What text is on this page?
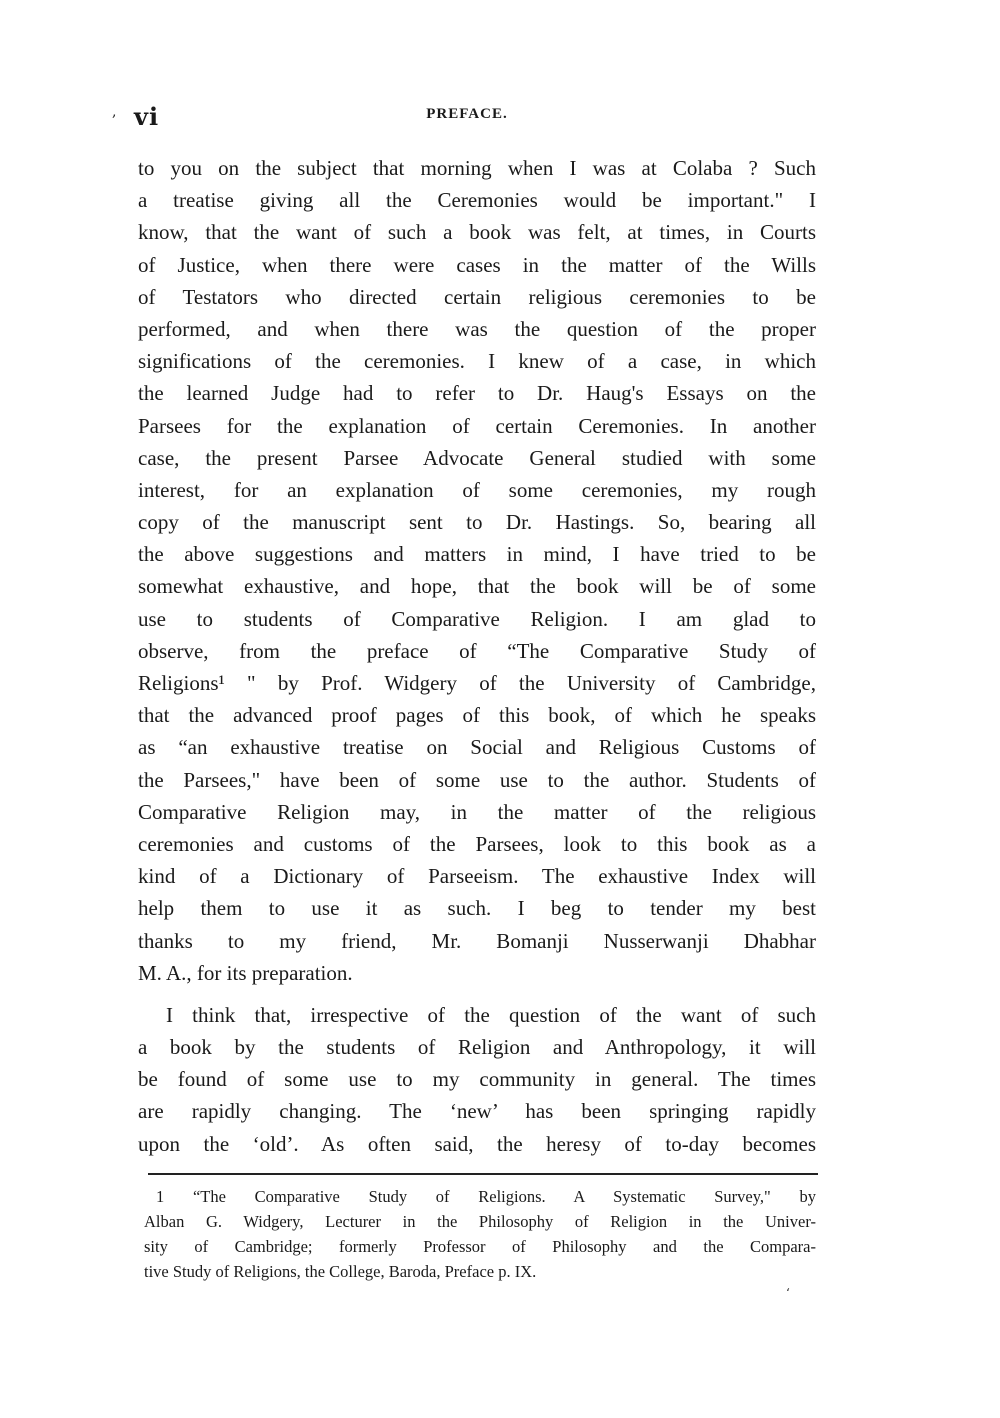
, vi	PREFACE.
to you on the subject that morning when I was at Colaba ? Such
a treatise giving all the Ceremonies would be important." I
know, that the want of such a book was felt, at times, in Courts
of Justice, when there were cases in the matter of the Wills
of Testators who directed certain religious ceremonies to be
performed, and when there was the question of the proper
significations of the ceremonies. I knew of a case, in which
the learned Judge had to refer to Dr. Haug's Essays on the
Parsees for the explanation of certain Ceremonies. In another
case, the present Parsee Advocate General studied with some
interest, for an explanation of some ceremonies, my rough
copy of the manuscript sent to Dr. Hastings. So, bearing all
the above suggestions and matters in mind, I have tried to be
somewhat exhaustive, and hope, that the book will be of some
use to students of Comparative Religion. I am glad to
observe, from the preface of “The Comparative Study of
Religions¹ " by Prof. Widgery of the University of Cambridge,
that the advanced proof pages of this book, of which he speaks
as “an exhaustive treatise on Social and Religious Customs of
the Parsees," have been of some use to the author. Students of
Comparative Religion may, in the matter of the religious
ceremonies and customs of the Parsees, look to this book as a
kind of a Dictionary of Parseeism. The exhaustive Index will
help them to use it as such. I beg to tender my best
thanks to my friend, Mr. Bomanji Nusserwanji Dhabhar
M. A., for its preparation.
I think that, irrespective of the question of the want of such
a book by the students of Religion and Anthropology, it will
be found of some use to my community in general. The times
are rapidly changing. The ‘new’ has been springing rapidly
upon the ‘old’. As often said, the heresy of to-day becomes
1 “The Comparative Study of Religions. A Systematic Survey," by
Alban G. Widgery, Lecturer in the Philosophy of Religion in the Univer-
sity of Cambridge; formerly Professor of Philosophy and the Compara-
tive Study of Religions, the College, Baroda, Preface p. IX.
‘
